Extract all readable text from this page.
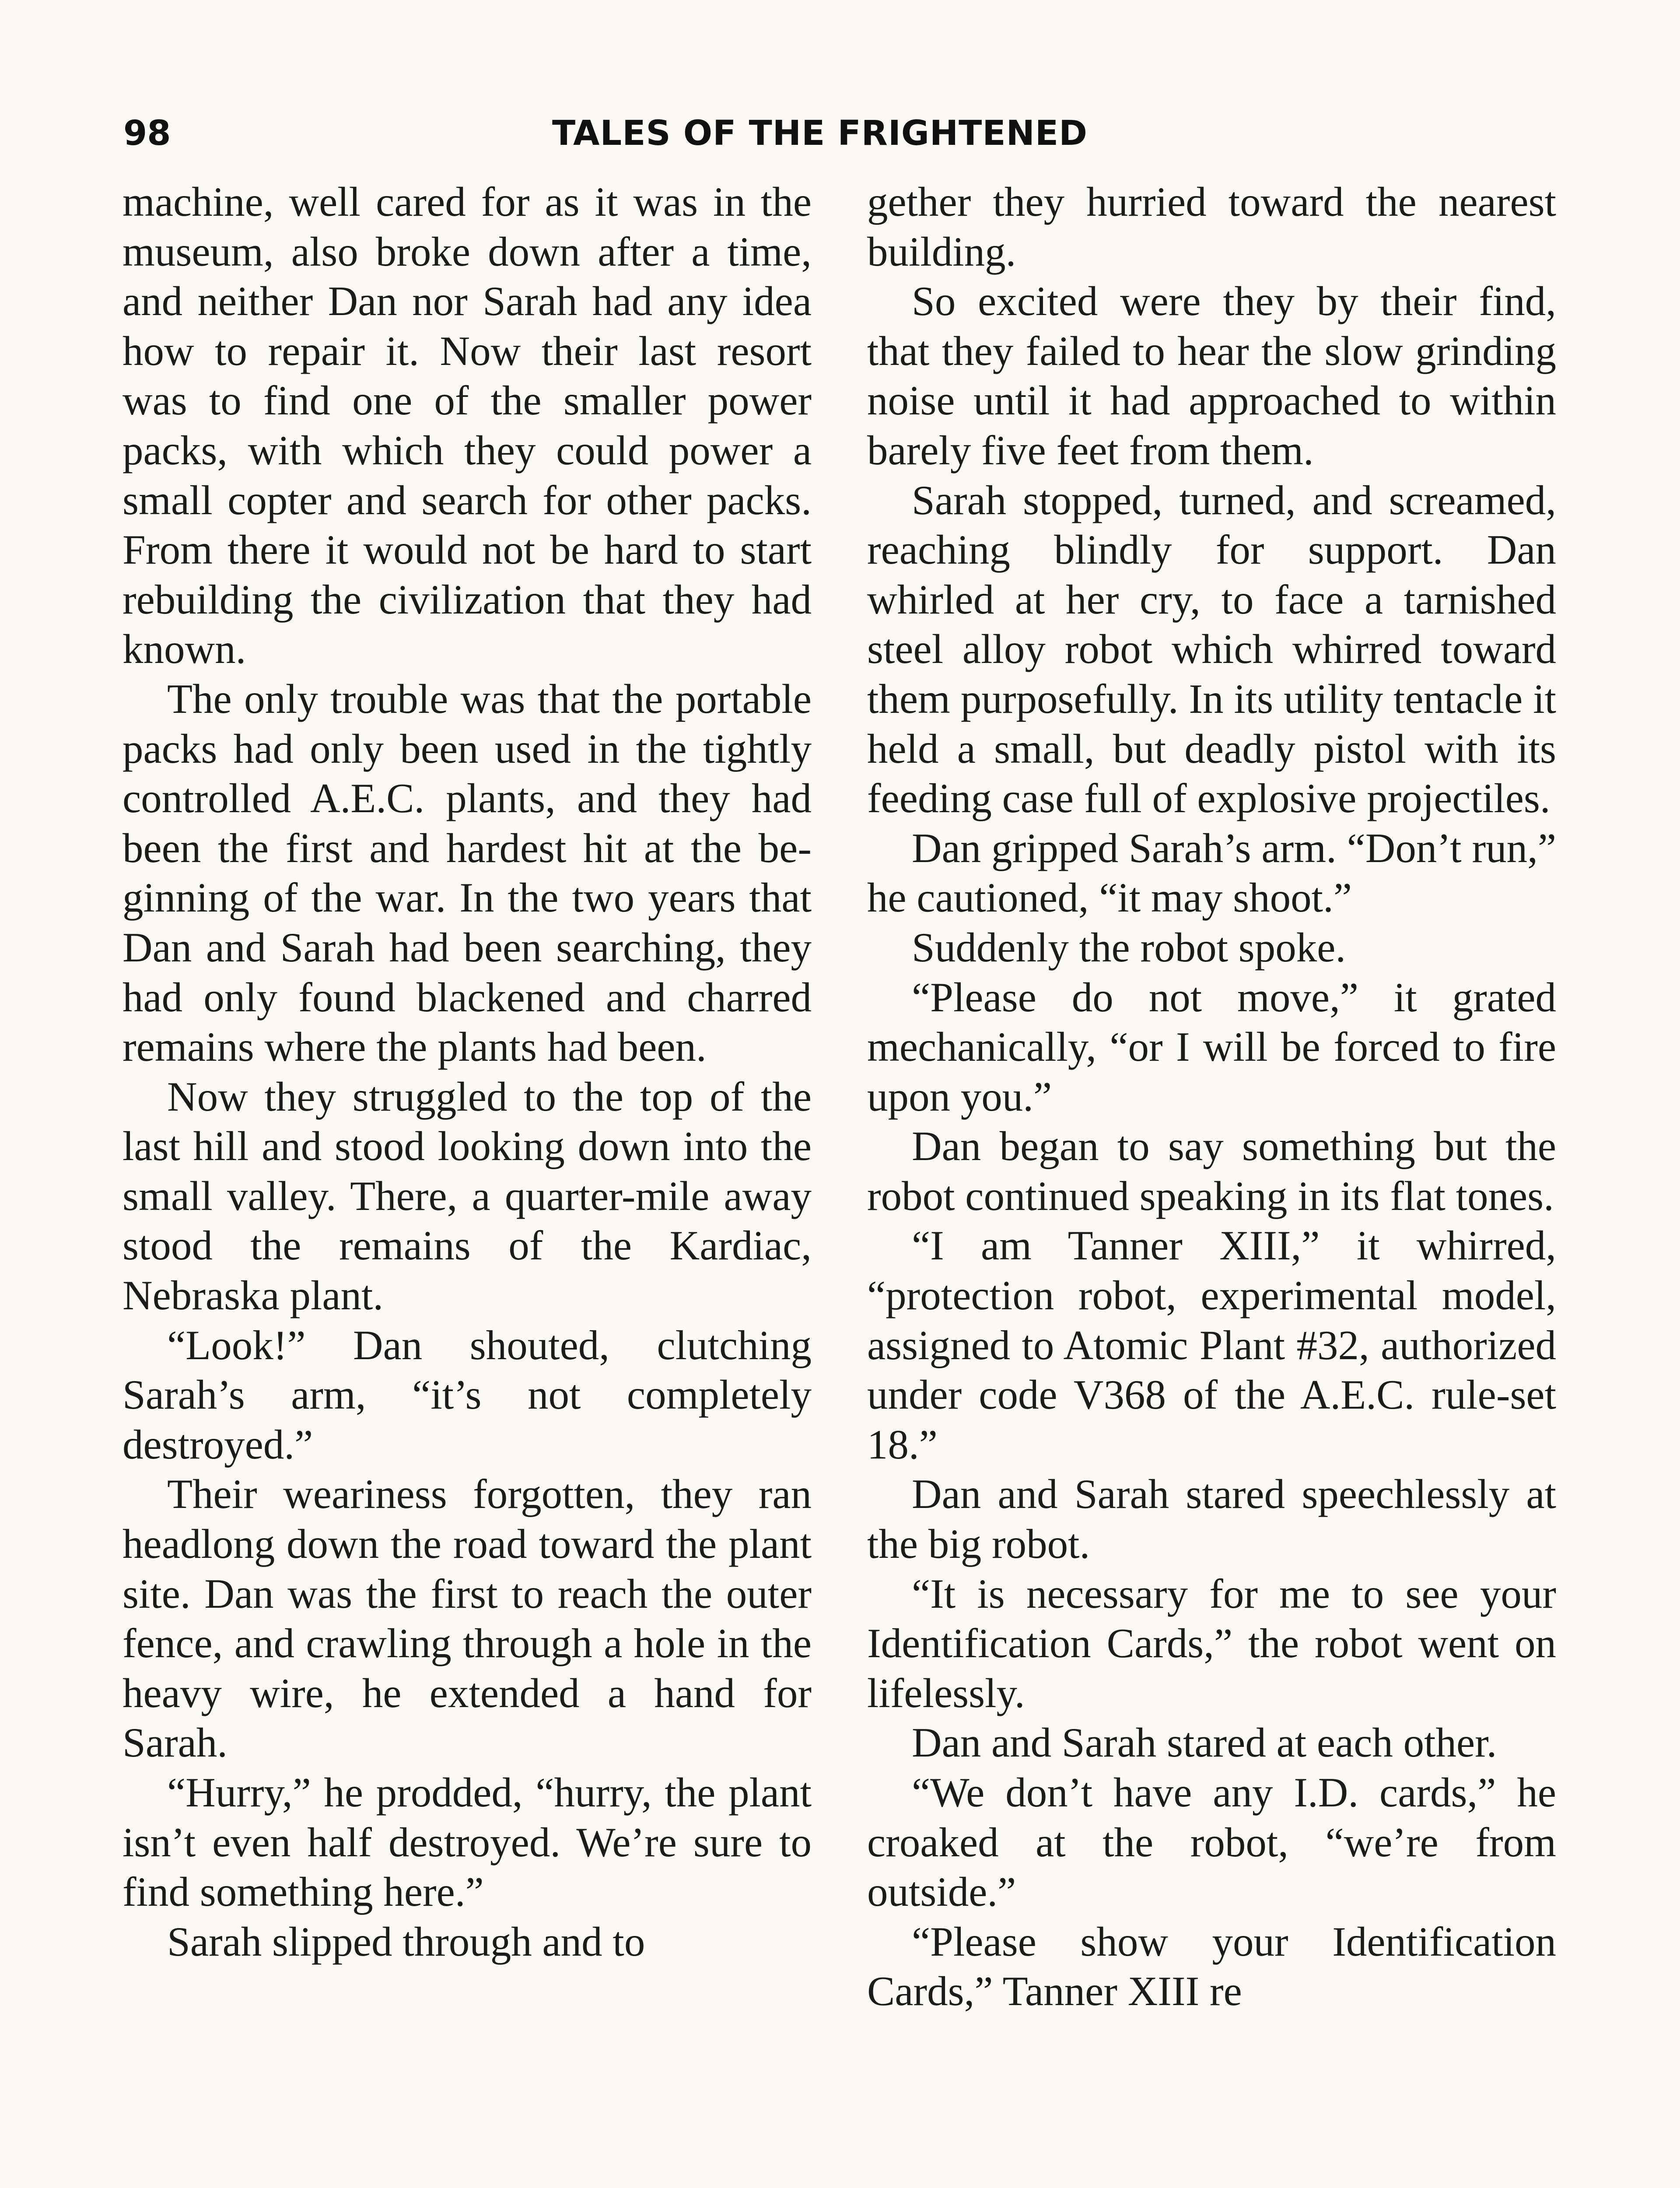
98	TALES OF THE FRIGHTENED

machine, well cared for as it was in the museum, also broke down after a time, and neither Dan nor Sarah had any idea how to repair it. Now their last resort was to find one of the smaller power packs, with which they could power a small copter and search for other packs. From there it would not be hard to start rebuilding the civilization that they had known.

The only trouble was that the portable packs had only been used in the tightly controlled A.E.C. plants, and they had been the first and hardest hit at the beginning of the war. In the two years that Dan and Sarah had been searching, they had only found blackened and charred remains where the plants had been.

Now they struggled to the top of the last hill and stood looking down into the small valley. There, a quarter-mile away stood the remains of the Kardiac, Nebraska plant.

“Look!” Dan shouted, clutching Sarah’s arm, “it’s not completely destroyed.”

Their weariness forgotten, they ran headlong down the road toward the plant site. Dan was the first to reach the outer fence, and crawling through a hole in the heavy wire, he extended a hand for Sarah.

“Hurry,” he prodded, “hurry, the plant isn’t even half destroyed. We’re sure to find something here.”

Sarah slipped through and to

gether they hurried toward the nearest building.

So excited were they by their find, that they failed to hear the slow grinding noise until it had approached to within barely five feet from them.

Sarah stopped, turned, and screamed, reaching blindly for support. Dan whirled at her cry, to face a tarnished steel alloy robot which whirred toward them purposefully. In its utility tentacle it held a small, but deadly pistol with its feeding case full of explosive projectiles.

Dan gripped Sarah’s arm. “Don’t run,” he cautioned, “it may shoot.”

Suddenly the robot spoke.

“Please do not move,” it grated mechanically, “or I will be forced to fire upon you.”

Dan began to say something but the robot continued speaking in its flat tones.

“I am Tanner XIII,” it whirred, “protection robot, experimental model, assigned to Atomic Plant #32, authorized under code V368 of the A.E.C. rule-set 18.”

Dan and Sarah stared speechlessly at the big robot.

“It is necessary for me to see your Identification Cards,” the robot went on lifelessly.

Dan and Sarah stared at each other.

“We don’t have any I.D. cards,” he croaked at the robot, “we’re from outside.”

“Please show your Identification Cards,” Tanner XIII re
